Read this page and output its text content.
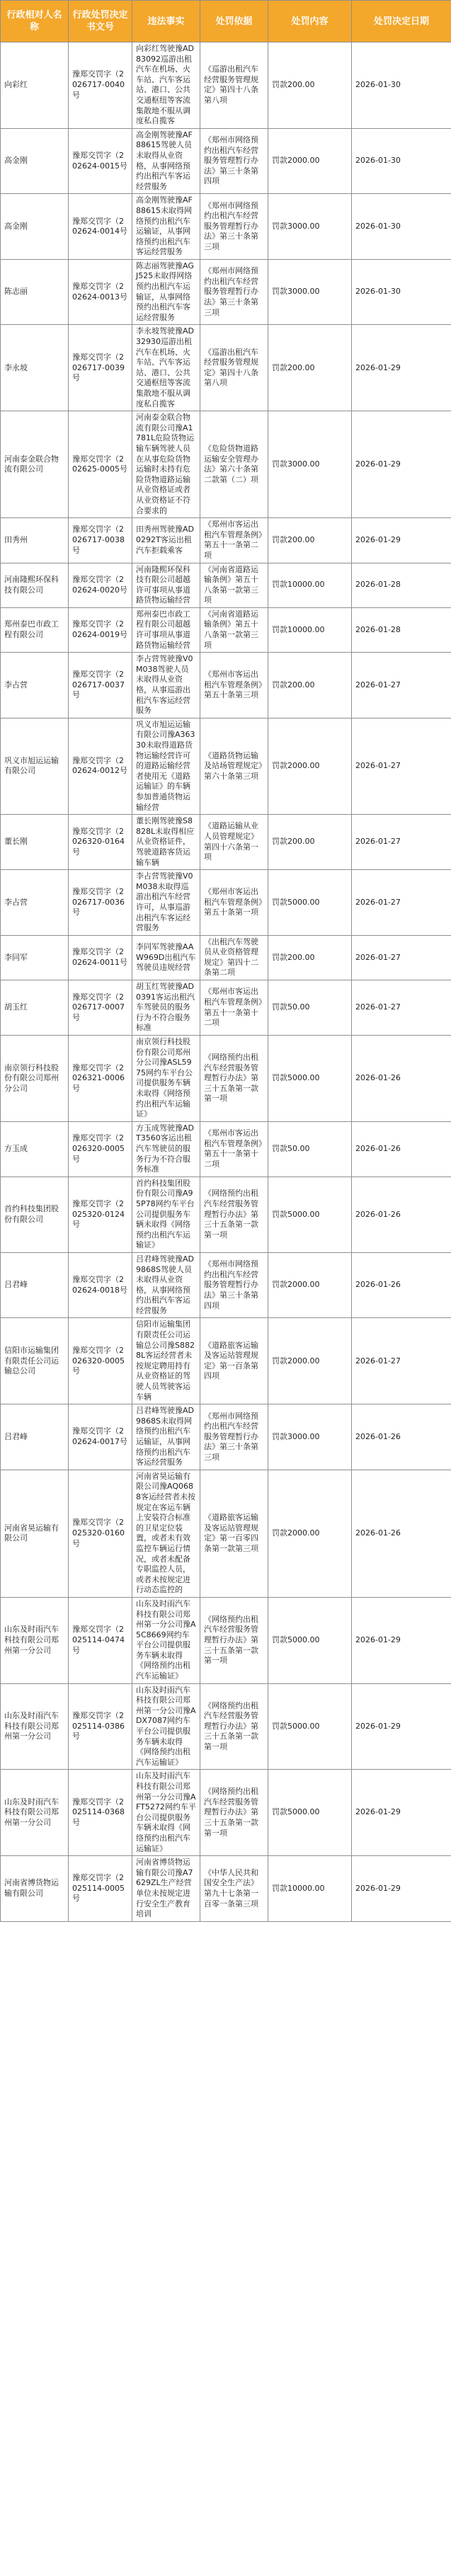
行政相对人名称	行政处罚决定书文号	违法事实	处罚依据	处罚内容	处罚决定日期
向彩红	豫郑交罚字（2026717-0040号	向彩红驾驶豫AD83092巡游出租汽车在机场、火车站、汽车客运站、港口、公共交通枢纽等客流集散地不服从调度私自揽客	《巡游出租汽车经营服务管理规定》第四十八条第八项	罚款200.00	2026-01-30
高金刚	豫郑交罚字（202624-0015号	高金刚驾驶豫AF88615驾驶人员未取得从业资格，从事网络预约出租汽车客运经营服务	《郑州市网络预约出租汽车经营服务管理暂行办法》第三十条第四项	罚款2000.00	2026-01-30
高金刚	豫郑交罚字（202624-0014号	高金刚驾驶豫AF88615未取得网络预约出租汽车运输证，从事网络预约出租汽车客运经营服务	《郑州市网络预约出租汽车经营服务管理暂行办法》第三十条第三项	罚款3000.00	2026-01-30
陈志丽	豫郑交罚字（202624-0013号	陈志丽驾驶豫AGJ525未取得网络预约出租汽车运输证，从事网络预约出租汽车客运经营服务	《郑州市网络预约出租汽车经营服务管理暂行办法》第三十条第三项	罚款3000.00	2026-01-30
李永坡	豫郑交罚字（2026717-0039号	李永坡驾驶豫AD32930巡游出租汽车在机场、火车站、汽车客运站、港口、公共交通枢纽等客流集散地不服从调度私自揽客	《巡游出租汽车经营服务管理规定》第四十八条第八项	罚款200.00	2026-01-29
河南泰金联合物流有限公司	豫郑交罚字（202625-0005号	河南泰金联合物流有限公司豫A1781L危险货物运输车辆驾驶人员在从事危险货物运输时未持有危险货物道路运输从业资格证或者从业资格证不符合要求的	《危险货物道路运输安全管理办法》第六十条第二款第（二）项	罚款3000.00	2026-01-29
田秀州	豫郑交罚字（2026717-0038号	田秀州驾驶豫AD0292T客运出租汽车拒载乘客	《郑州市客运出租汽车管理条例》第五十一条第二项	罚款200.00	2026-01-29
河南隆熙环保科技有限公司	豫郑交罚字（202624-0020号	河南隆熙环保科技有限公司超越许可事项从事道路货物运输经营	《河南省道路运输条例》第五十八条第一款第三项	罚款10000.00	2026-01-28
郑州泰巴市政工程有限公司	豫郑交罚字（202624-0019号	郑州泰巴市政工程有限公司超越许可事项从事道路货物运输经营	《河南省道路运输条例》第五十八条第一款第三项	罚款10000.00	2026-01-28
李占营	豫郑交罚字（2026717-0037号	李占营驾驶豫V0M038驾驶人员未取得从业资格，从事巡游出租汽车客运经营服务	《郑州市客运出租汽车管理条例》第五十条第三项	罚款200.00	2026-01-27
巩义市旭运运输有限公司	豫郑交罚字（202624-0012号	巩义市旭运运输有限公司豫A36330未取得道路货物运输经营许可的道路运输经营者使用无《道路运输证》的车辆参加普通货物运输经营	《道路货物运输及站场管理规定》第六十条第三项	罚款2000.00	2026-01-27
董长刚	豫郑交罚字（2026320-0164号	董长刚驾驶豫S8828L未取得相应从业资格证件，驾驶道路客货运输车辆	《道路运输从业人员管理规定》第四十六条第一项	罚款200.00	2026-01-27
李占营	豫郑交罚字（2026717-0036号	李占营驾驶豫V0M038未取得巡游出租汽车经营许可，从事巡游出租汽车客运经营服务	《郑州市客运出租汽车管理条例》第五十条第一项	罚款5000.00	2026-01-27
李同军	豫郑交罚字（202624-0011号	李同军驾驶豫AAW969D出租汽车驾驶员违规经营	《出租汽车驾驶员从业资格管理规定》第四十二条第二项	罚款200.00	2026-01-27
胡玉红	豫郑交罚字（2026717-0007号	胡玉红驾驶豫AD0391客运出租汽车驾驶员的服务行为不符合服务标准	《郑州市客运出租汽车管理条例》第五十一条第十二项	罚款50.00	2026-01-27
南京领行科技股份有限公司郑州分公司	豫郑交罚字（2026321-0006号	南京领行科技股份有限公司郑州分公司豫ASL5975网约车平台公司提供服务车辆未取得《网络预约出租汽车运输证》	《网络预约出租汽车经营服务管理暂行办法》第三十五条第一款第一项	罚款5000.00	2026-01-26
方玉成	豫郑交罚字（2026320-0005号	方玉成驾驶豫ADT3560客运出租汽车驾驶员的服务行为不符合服务标准	《郑州市客运出租汽车管理条例》第五十一条第十二项	罚款50.00	2026-01-26
首约科技集团股份有限公司	豫郑交罚字（2025320-0124号	首约科技集团股份有限公司豫A95P78网约车平台公司提供服务车辆未取得《网络预约出租汽车运输证》	《网络预约出租汽车经营服务管理暂行办法》第三十五条第一款第一项	罚款5000.00	2026-01-26
吕君峰	豫郑交罚字（202624-0018号	吕君峰驾驶豫AD9868S驾驶人员未取得从业资格，从事网络预约出租汽车客运经营服务	《郑州市网络预约出租汽车经营服务管理暂行办法》第三十条第四项	罚款2000.00	2026-01-26
信阳市运输集团有限责任公司运输总公司	豫郑交罚字（2026320-0005号	信阳市运输集团有限责任公司运输总公司豫S8828L客运经营者未按规定聘用持有从业资格证的驾驶人员驾驶客运车辆	《道路旅客运输及客运站管理规定》第一百条第四项	罚款2000.00	2026-01-27
吕君峰	豫郑交罚字（202624-0017号	吕君峰驾驶豫AD9868S未取得网络预约出租汽车运输证，从事网络预约出租汽车客运经营服务	《郑州市网络预约出租汽车经营服务管理暂行办法》第三十条第三项	罚款3000.00	2026-01-26
河南省昊运输有限公司	豫郑交罚字（2025320-0160号	河南省昊运输有限公司豫AQ0688客运经营者未按规定在客运车辆上安装符合标准的卫星定位装置，或者未有效监控车辆运行情况，或者未配备专职监控人员，或者未按规定进行动态监控的	《道路旅客运输及客运站管理规定》第一百零四条第一款第三项	罚款2000.00	2026-01-26
山东及时雨汽车科技有限公司郑州第一分公司	豫郑交罚字（2025114-0474号	山东及时雨汽车科技有限公司郑州第一分公司豫A5C8669网约车平台公司提供服务车辆未取得《网络预约出租汽车运输证》	《网络预约出租汽车经营服务管理暂行办法》第三十五条第一款第一项	罚款5000.00	2026-01-29
山东及时雨汽车科技有限公司郑州第一分公司	豫郑交罚字（2025114-0386号	山东及时雨汽车科技有限公司郑州第一分公司豫ADX7087网约车平台公司提供服务车辆未取得《网络预约出租汽车运输证》	《网络预约出租汽车经营服务管理暂行办法》第三十五条第一款第一项	罚款5000.00	2026-01-29
山东及时雨汽车科技有限公司郑州第一分公司	豫郑交罚字（2025114-0368号	山东及时雨汽车科技有限公司郑州第一分公司豫AFT5272网约车平台公司提供服务车辆未取得《网络预约出租汽车运输证》	《网络预约出租汽车经营服务管理暂行办法》第三十五条第一款第一项	罚款5000.00	2026-01-29
河南省博货物运输有限公司	豫郑交罚字（2025114-0005号	河南省博货物运输有限公司豫A7629ZL生产经营单位未按规定进行安全生产教育培训	《中华人民共和国安全生产法》第九十七条第一百零一条第三项	罚款10000.00	2026-01-29
